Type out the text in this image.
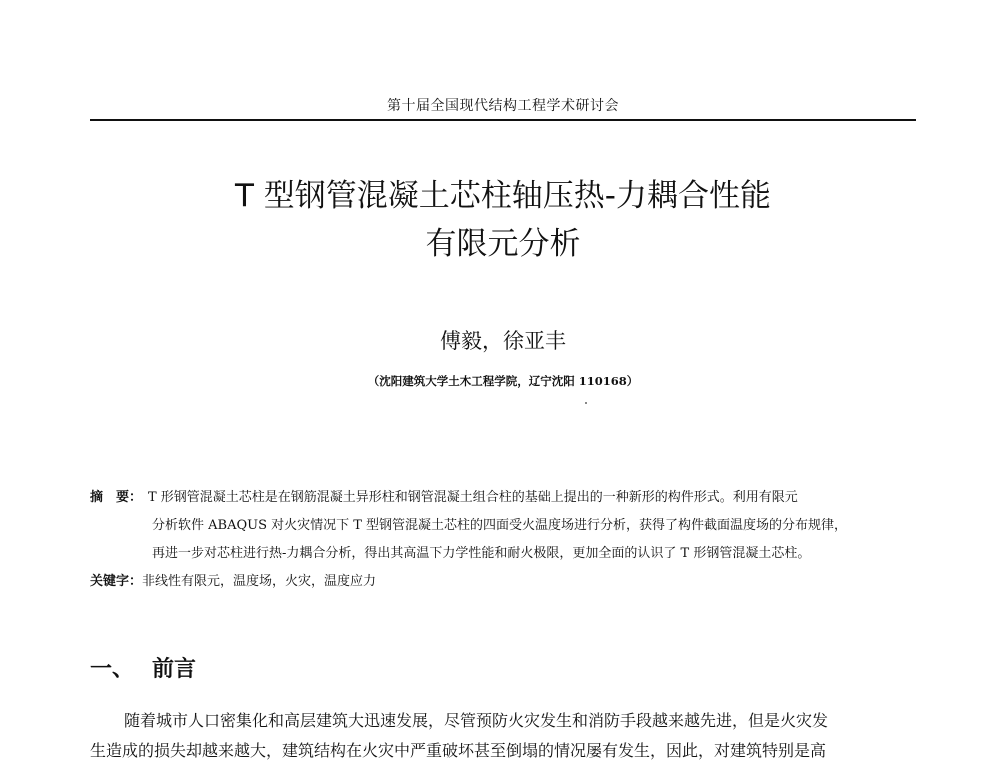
第十届全国现代结构工程学术研讨会
T 型钢管混凝土芯柱轴压热-力耦合性能
有限元分析
傅毅，徐亚丰
（沈阳建筑大学土木工程学院，辽宁沈阳 110168）
摘　要： T 形钢管混凝土芯柱是在钢筋混凝土异形柱和钢管混凝土组合柱的基础上提出的一种新形的构件形式。利用有限元
分析软件 ABAQUS 对火灾情况下 T 型钢管混凝土芯柱的四面受火温度场进行分析，获得了构件截面温度场的分布规律，
再进一步对芯柱进行热-力耦合分析，得出其高温下力学性能和耐火极限，更加全面的认识了 T 形钢管混凝土芯柱。
关键字：非线性有限元，温度场，火灾，温度应力
一、 前言
随着城市人口密集化和高层建筑大迅速发展，尽管预防火灾发生和消防手段越来越先进，但是火灾发
生造成的损失却越来越大，建筑结构在火灾中严重破坏甚至倒塌的情况屡有发生，因此，对建筑特别是高
